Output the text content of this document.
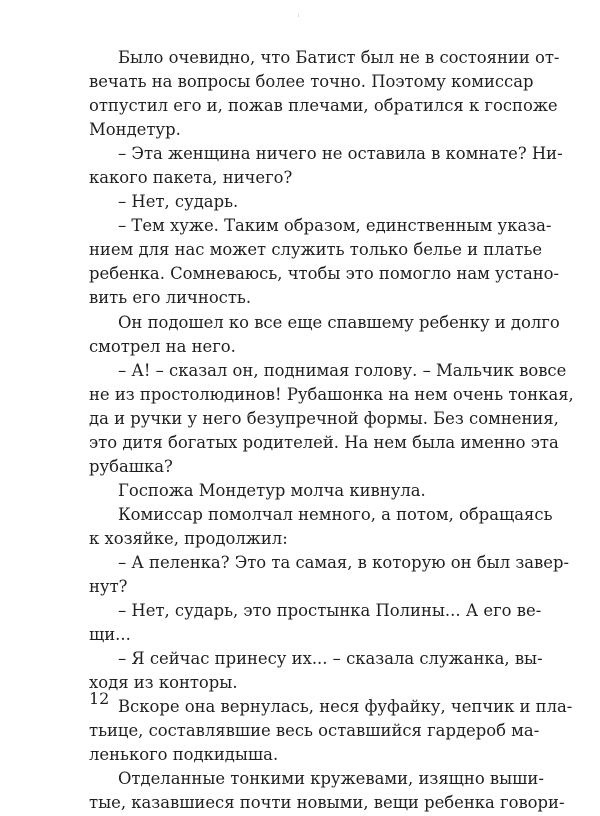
Было очевидно, что Батист был не в состоянии от-
вечать на вопросы более точно. Поэтому комиссар
отпустил его и, пожав плечами, обратился к госпоже
Мондетур.
– Эта женщина ничего не оставила в комнате? Ни-
какого пакета, ничего?
– Нет, сударь.
– Тем хуже. Таким образом, единственным указа-
нием для нас может служить только белье и платье
ребенка. Сомневаюсь, чтобы это помогло нам устано-
вить его личность.
Он подошел ко все еще спавшему ребенку и долго
смотрел на него.
– А! – сказал он, поднимая голову. – Мальчик вовсе
не из простолюдинов! Рубашонка на нем очень тонкая,
да и ручки у него безупречной формы. Без сомнения,
это дитя богатых родителей. На нем была именно эта
рубашка?
Госпожа Мондетур молча кивнула.
Комиссар помолчал немного, а потом, обращаясь
к хозяйке, продолжил:
– А пеленка? Это та самая, в которую он был завер-
нут?
– Нет, сударь, это простынка Полины... А его ве-
щи...
– Я сейчас принесу их... – сказала служанка, вы-
ходя из конторы.
Вскоре она вернулась, неся фуфайку, чепчик и пла-
тьице, составлявшие весь оставшийся гардероб ма-
ленького подкидыша.
Отделанные тонкими кружевами, изящно выши-
тые, казавшиеся почти новыми, вещи ребенка говори-
12
